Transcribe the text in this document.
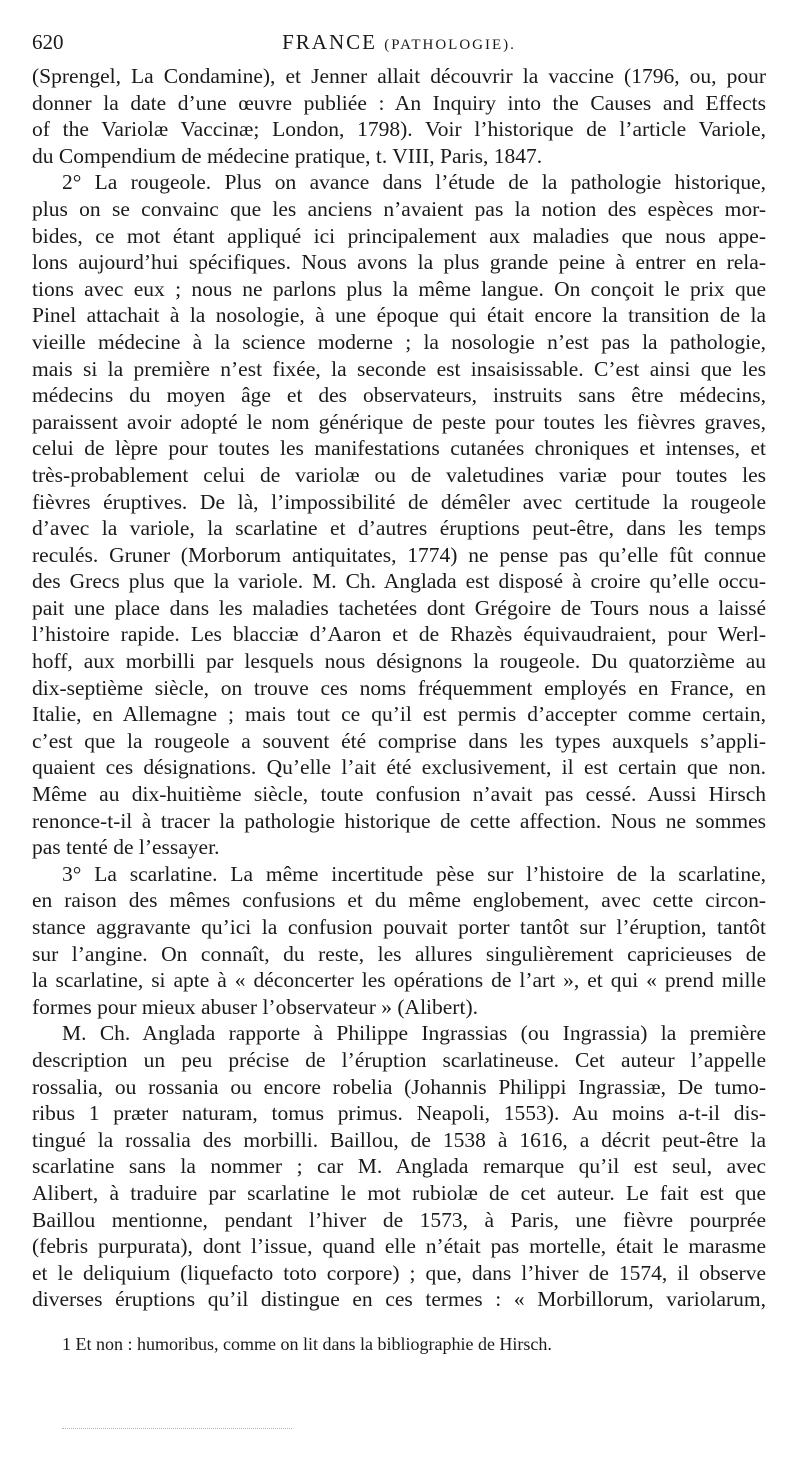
620	FRANCE (PATHOLOGIE).
(Sprengel, La Condamine), et Jenner allait découvrir la vaccine (1796, ou, pour
donner la date d’une œuvre publiée : An Inquiry into the Causes and Effects
of the Variolæ Vaccinæ; London, 1798). Voir l’historique de l’article Variole,
du Compendium de médecine pratique, t. VIII, Paris, 1847.
2° La rougeole. Plus on avance dans l’étude de la pathologie historique,
plus on se convainc que les anciens n’avaient pas la notion des espèces mor-
bides, ce mot étant appliqué ici principalement aux maladies que nous appe-
lons aujourd’hui spécifiques. Nous avons la plus grande peine à entrer en rela-
tions avec eux ; nous ne parlons plus la même langue. On conçoit le prix que
Pinel attachait à la nosologie, à une époque qui était encore la transition de la
vieille médecine à la science moderne ; la nosologie n’est pas la pathologie,
mais si la première n’est fixée, la seconde est insaisissable. C’est ainsi que les
médecins du moyen âge et des observateurs, instruits sans être médecins,
paraissent avoir adopté le nom générique de peste pour toutes les fièvres graves,
celui de lèpre pour toutes les manifestations cutanées chroniques et intenses, et
très-probablement celui de variolæ ou de valetudines variæ pour toutes les
fièvres éruptives. De là, l’impossibilité de démêler avec certitude la rougeole
d’avec la variole, la scarlatine et d’autres éruptions peut-être, dans les temps
reculés. Gruner (Morborum antiquitates, 1774) ne pense pas qu’elle fût connue
des Grecs plus que la variole. M. Ch. Anglada est disposé à croire qu’elle occu-
pait une place dans les maladies tachetées dont Grégoire de Tours nous a laissé
l’histoire rapide. Les blacciæ d’Aaron et de Rhazès équivaudraient, pour Werl-
hoff, aux morbilli par lesquels nous désignons la rougeole. Du quatorzième au
dix-septième siècle, on trouve ces noms fréquemment employés en France, en
Italie, en Allemagne ; mais tout ce qu’il est permis d’accepter comme certain,
c’est que la rougeole a souvent été comprise dans les types auxquels s’appli-
quaient ces désignations. Qu’elle l’ait été exclusivement, il est certain que non.
Même au dix-huitième siècle, toute confusion n’avait pas cessé. Aussi Hirsch
renonce-t-il à tracer la pathologie historique de cette affection. Nous ne sommes
pas tenté de l’essayer.
3° La scarlatine. La même incertitude pèse sur l’histoire de la scarlatine,
en raison des mêmes confusions et du même englobement, avec cette circon-
stance aggravante qu’ici la confusion pouvait porter tantôt sur l’éruption, tantôt
sur l’angine. On connaît, du reste, les allures singulièrement capricieuses de
la scarlatine, si apte à « déconcerter les opérations de l’art », et qui « prend mille
formes pour mieux abuser l’observateur » (Alibert).
M. Ch. Anglada rapporte à Philippe Ingrassias (ou Ingrassia) la première
description un peu précise de l’éruption scarlatineuse. Cet auteur l’appelle
rossalia, ou rossania ou encore robelia (Johannis Philippi Ingrassiæ, De tumo-
ribus 1 præter naturam, tomus primus. Neapoli, 1553). Au moins a-t-il dis-
tingué la rossalia des morbilli. Baillou, de 1538 à 1616, a décrit peut-être la
scarlatine sans la nommer ; car M. Anglada remarque qu’il est seul, avec
Alibert, à traduire par scarlatine le mot rubiolæ de cet auteur. Le fait est que
Baillou mentionne, pendant l’hiver de 1573, à Paris, une fièvre pourprée
(febris purpurata), dont l’issue, quand elle n’était pas mortelle, était le marasme
et le deliquium (liquefacto toto corpore) ; que, dans l’hiver de 1574, il observe
diverses éruptions qu’il distingue en ces termes : « Morbillorum, variolarum,
1 Et non : humoribus, comme on lit dans la bibliographie de Hirsch.
